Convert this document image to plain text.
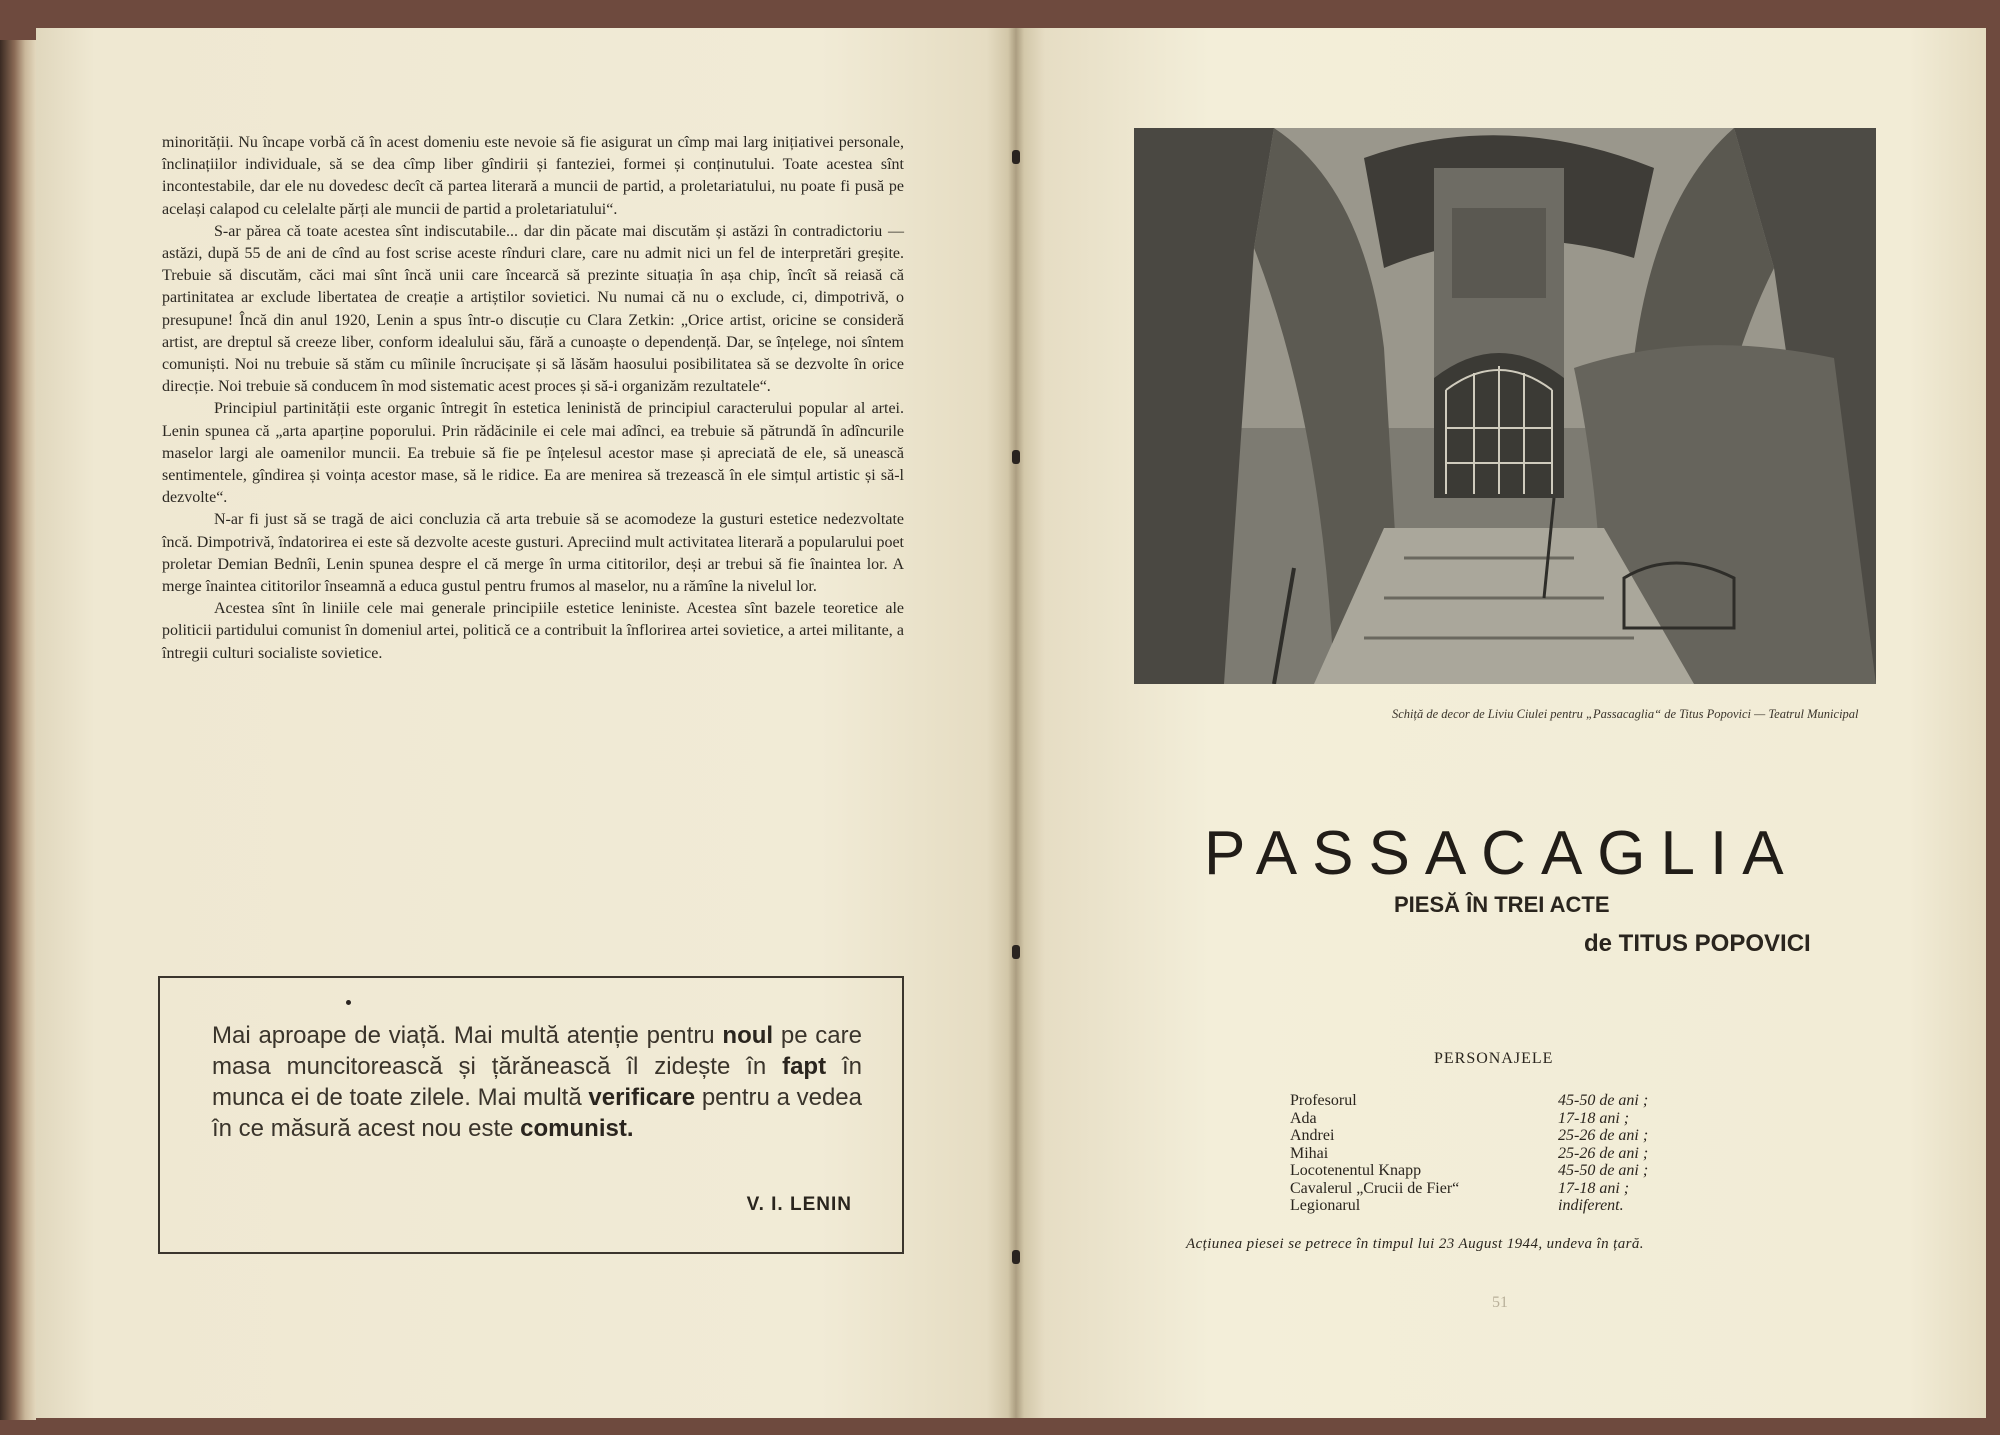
minorității. Nu încape vorbă că în acest domeniu este nevoie să fie asigurat un cîmp mai larg inițiativei personale, înclinațiilor individuale, să se dea cîmp liber gîndirii și fanteziei, formei și conținutului. Toate acestea sînt incontestabile, dar ele nu dovedesc decît că partea literară a muncii de partid, a proletariatului, nu poate fi pusă pe același calapod cu celelalte părți ale muncii de partid a proletariatului“.

S-ar părea că toate acestea sînt indiscutabile... dar din păcate mai discutăm și astăzi în contradictoriu — astăzi, după 55 de ani de cînd au fost scrise aceste rînduri clare, care nu admit nici un fel de interpretări greșite. Trebuie să discutăm, căci mai sînt încă unii care încearcă să prezinte situația în așa chip, încît să reiasă că partinitatea ar exclude libertatea de creație a artiștilor sovietici. Nu numai că nu o exclude, ci, dimpotrivă, o presupune! Încă din anul 1920, Lenin a spus într-o discuție cu Clara Zetkin: „Orice artist, oricine se consideră artist, are dreptul să creeze liber, conform idealului său, fără a cunoaște o dependență. Dar, se înțelege, noi sîntem comuniști. Noi nu trebuie să stăm cu mîinile încrucișate și să lăsăm haosului posibilitatea să se dezvolte în orice direcție. Noi trebuie să conducem în mod sistematic acest proces și să-i organizăm rezultatele“.

Principiul partinității este organic întregit în estetica leninistă de principiul caracterului popular al artei. Lenin spunea că „arta aparține poporului. Prin rădăcinile ei cele mai adînci, ea trebuie să pătrundă în adîncurile maselor largi ale oamenilor muncii. Ea trebuie să fie pe înțelesul acestor mase și apreciată de ele, să unească sentimentele, gîndirea și voința acestor mase, să le ridice. Ea are menirea să trezească în ele simțul artistic și să-l dezvolte“.

N-ar fi just să se tragă de aici concluzia că arta trebuie să se acomodeze la gusturi estetice nedezvoltate încă. Dimpotrivă, îndatorirea ei este să dezvolte aceste gusturi. Apreciind mult activitatea literară a popularului poet proletar Demian Bednîi, Lenin spunea despre el că merge în urma cititorilor, deși ar trebui să fie înaintea lor. A merge înaintea cititorilor înseamnă a educa gustul pentru frumos al maselor, nu a rămîne la nivelul lor.

Acestea sînt în liniile cele mai generale principiile estetice leniniste. Acestea sînt bazele teoretice ale politicii partidului comunist în domeniul artei, politică ce a contribuit la înflorirea artei sovietice, a artei militante, a întregii culturi socialiste sovietice.

Mai aproape de viață. Mai multă atenție pentru noul pe care masa muncitorească și țărănească îl zidește în fapt în munca ei de toate zilele. Mai multă verificare pentru a vedea în ce măsură acest nou este comunist.
V. I. LENIN
Schiță de decor de Liviu Ciulei pentru „Passacaglia“ de Titus Popovici — Teatrul Municipal
PASSACAGLIA
PIESĂ ÎN TREI ACTE
de TITUS POPOVICI
PERSONAJELE
Profesorul	45-50 de ani ;
Ada	17-18 ani ;
Andrei	25-26 de ani ;
Mihai	25-26 de ani ;
Locotenentul Knapp	45-50 de ani ;
Cavalerul „Crucii de Fier“	17-18 ani ;
Legionarul	indiferent.
Acțiunea piesei se petrece în timpul lui 23 August 1944, undeva în țară.
51
